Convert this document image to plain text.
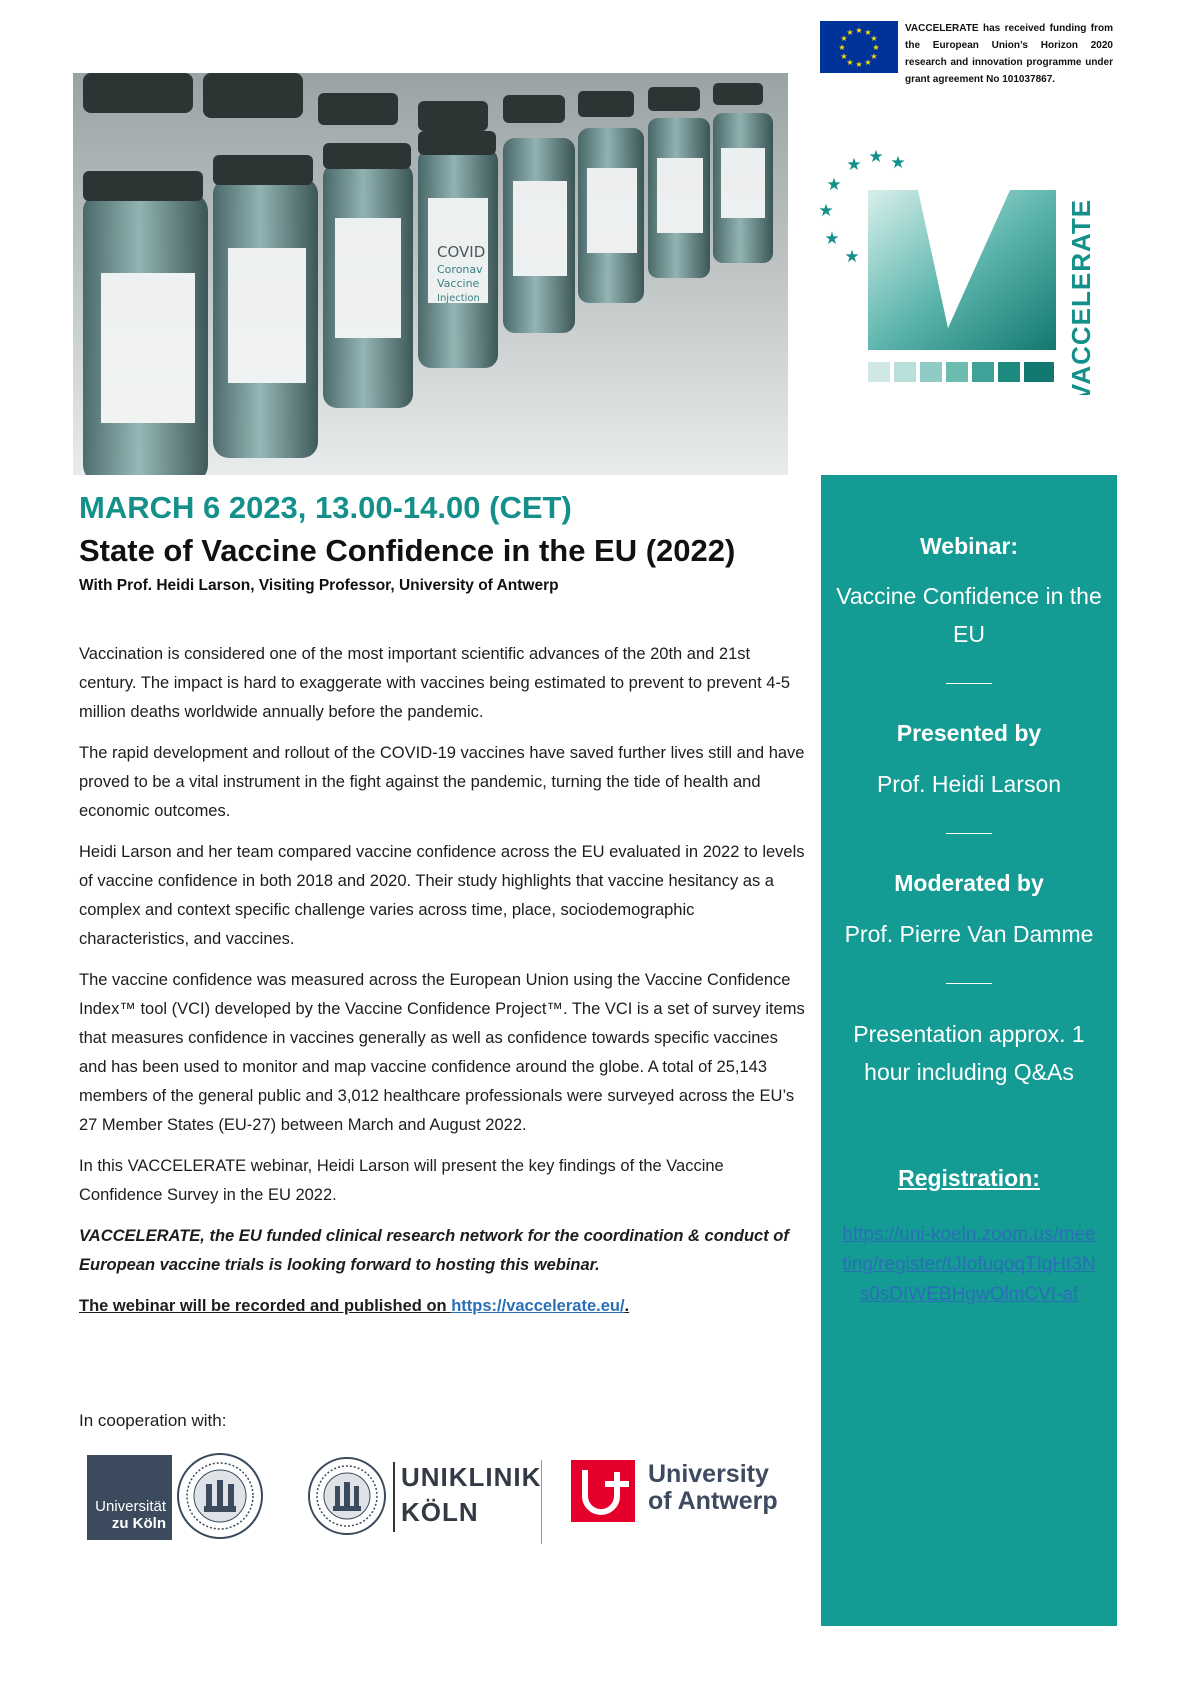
★ ★
★
★
★
★
★
★
★
★
★
★	VACCELERATE has received funding from the European Union’s Horizon 2020 research and innovation programme under grant agreement No 101037867.
COVID
Coronav
Vaccine
Injection
★
★ ★
★
★
★
★	VACCELERATE
MARCH 6 2023, 13.00-14.00 (CET)
State of Vaccine Confidence in the EU (2022)
With Prof. Heidi Larson, Visiting Professor, University of Antwerp

Vaccination is considered one of the most important scientific advances of the 20th and 21st century. The impact is hard to exaggerate with vaccines being estimated to prevent to prevent 4-5 million deaths worldwide annually before the pandemic.

The rapid development and rollout of the COVID-19 vaccines have saved further lives still and have proved to be a vital instrument in the fight against the pandemic, turning the tide of health and economic outcomes.

Heidi Larson and her team compared vaccine confidence across the EU evaluated in 2022 to levels of vaccine confidence in both 2018 and 2020. Their study highlights that vaccine hesitancy as a complex and context specific challenge varies across time, place, sociodemographic characteristics, and vaccines.

The vaccine confidence was measured across the European Union using the Vaccine Confidence Index™ tool (VCI) developed by the Vaccine Confidence Project™. The VCI is a set of survey items that measures confidence in vaccines generally as well as confidence towards specific vaccines and has been used to monitor and map vaccine confidence around the globe. A total of 25,143 members of the general public and 3,012 healthcare professionals were surveyed across the EU’s 27 Member States (EU-27) between March and August 2022.

In this VACCELERATE webinar, Heidi Larson will present the key findings of the Vaccine Confidence Survey in the EU 2022.

VACCELERATE, the EU funded clinical research network for the coordination & conduct of European vaccine trials is looking forward to hosting this webinar.

The webinar will be recorded and published on https://vaccelerate.eu/.

In cooperation with:
Universität
zu Köln
UNIKLINIK
KÖLN
University
of Antwerp
Webinar:
Vaccine Confidence in the EU
Presented by
Prof. Heidi Larson
Moderated by
Prof. Pierre Van Damme
Presentation approx. 1 hour including Q&As
Registration:
https://uni-koeln.zoom.us/meeting/register/tJIofuqoqTIqHt3Ns0sDIWEBHgwOlmCVI-af
